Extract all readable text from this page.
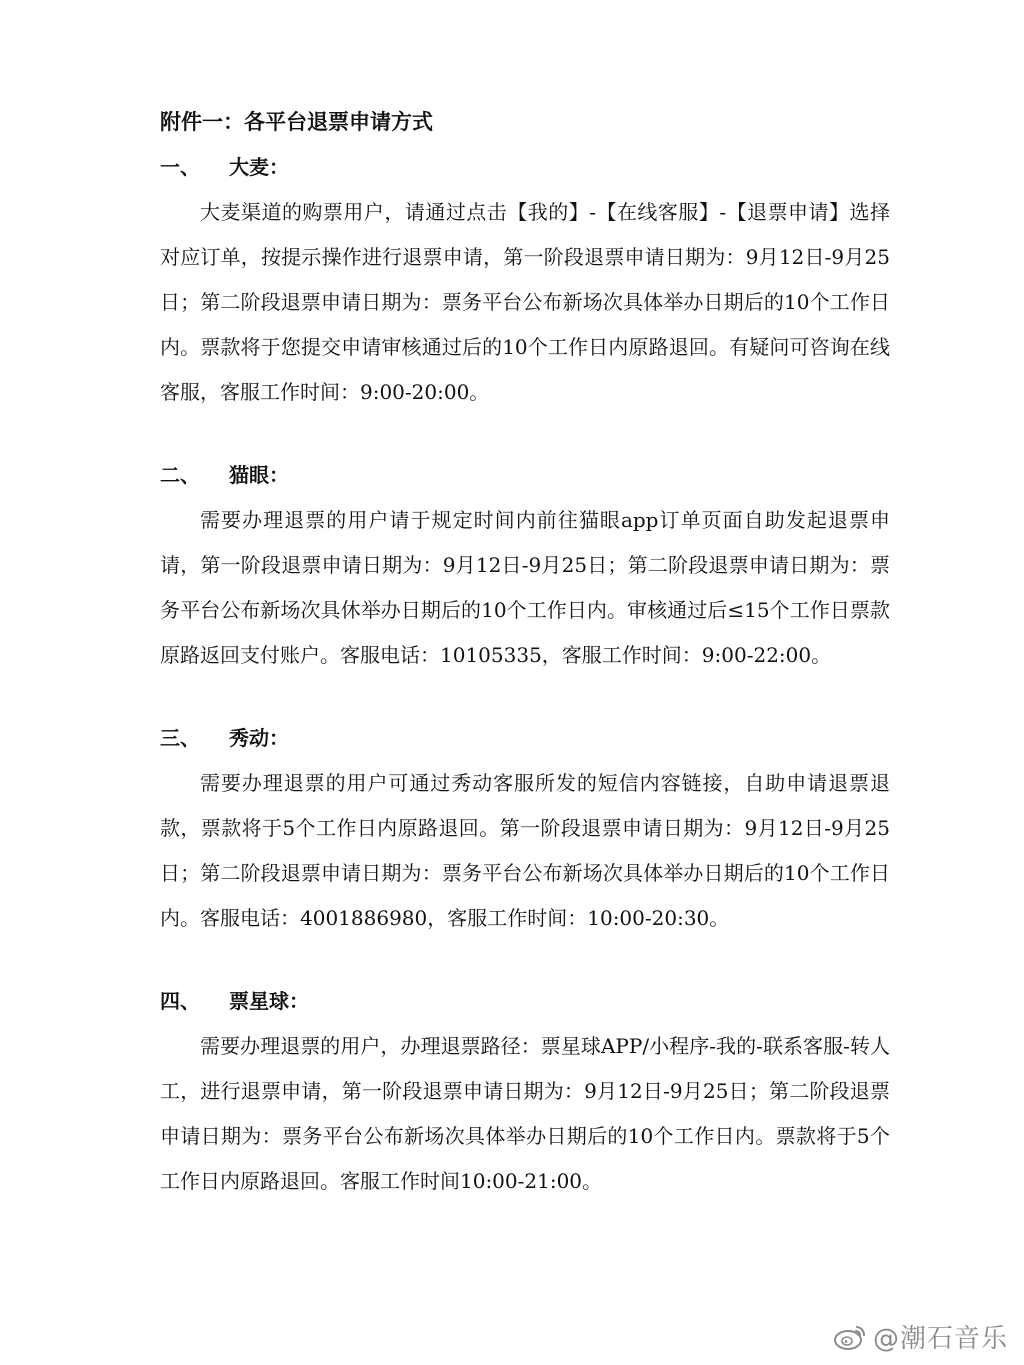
附件一：各平台退票申请方式
一、 大麦：

大麦渠道的购票用户，请通过点击【我的】-【在线客服】-【退票申请】选择对应订单，按提示操作进行退票申请，第一阶段退票申请日期为：9月12日-9月25日；第二阶段退票申请日期为：票务平台公布新场次具体举办日期后的10个工作日内。票款将于您提交申请审核通过后的10个工作日内原路退回。有疑问可咨询在线客服，客服工作时间：9:00-20:00。

二、 猫眼：

需要办理退票的用户请于规定时间内前往猫眼app订单页面自助发起退票申请，第一阶段退票申请日期为：9月12日-9月25日；第二阶段退票申请日期为：票务平台公布新场次具休举办日期后的10个工作日内。审核通过后≤15个工作日票款原路返回支付账户。客服电话：10105335，客服工作时间：9:00-22:00。

三、 秀动：

需要办理退票的用户可通过秀动客服所发的短信内容链接，自助申请退票退款，票款将于5个工作日内原路退回。第一阶段退票申请日期为：9月12日-9月25日；第二阶段退票申请日期为：票务平台公布新场次具体举办日期后的10个工作日内。客服电话：4001886980，客服工作时间：10:00-20:30。

四、 票星球：

需要办理退票的用户，办理退票路径：票星球APP/小程序-我的-联系客服-转人工，进行退票申请，第一阶段退票申请日期为：9月12日-9月25日；第二阶段退票申请日期为：票务平台公布新场次具体举办日期后的10个工作日内。票款将于5个工作日内原路退回。客服工作时间10:00-21:00。

@潮石音乐
